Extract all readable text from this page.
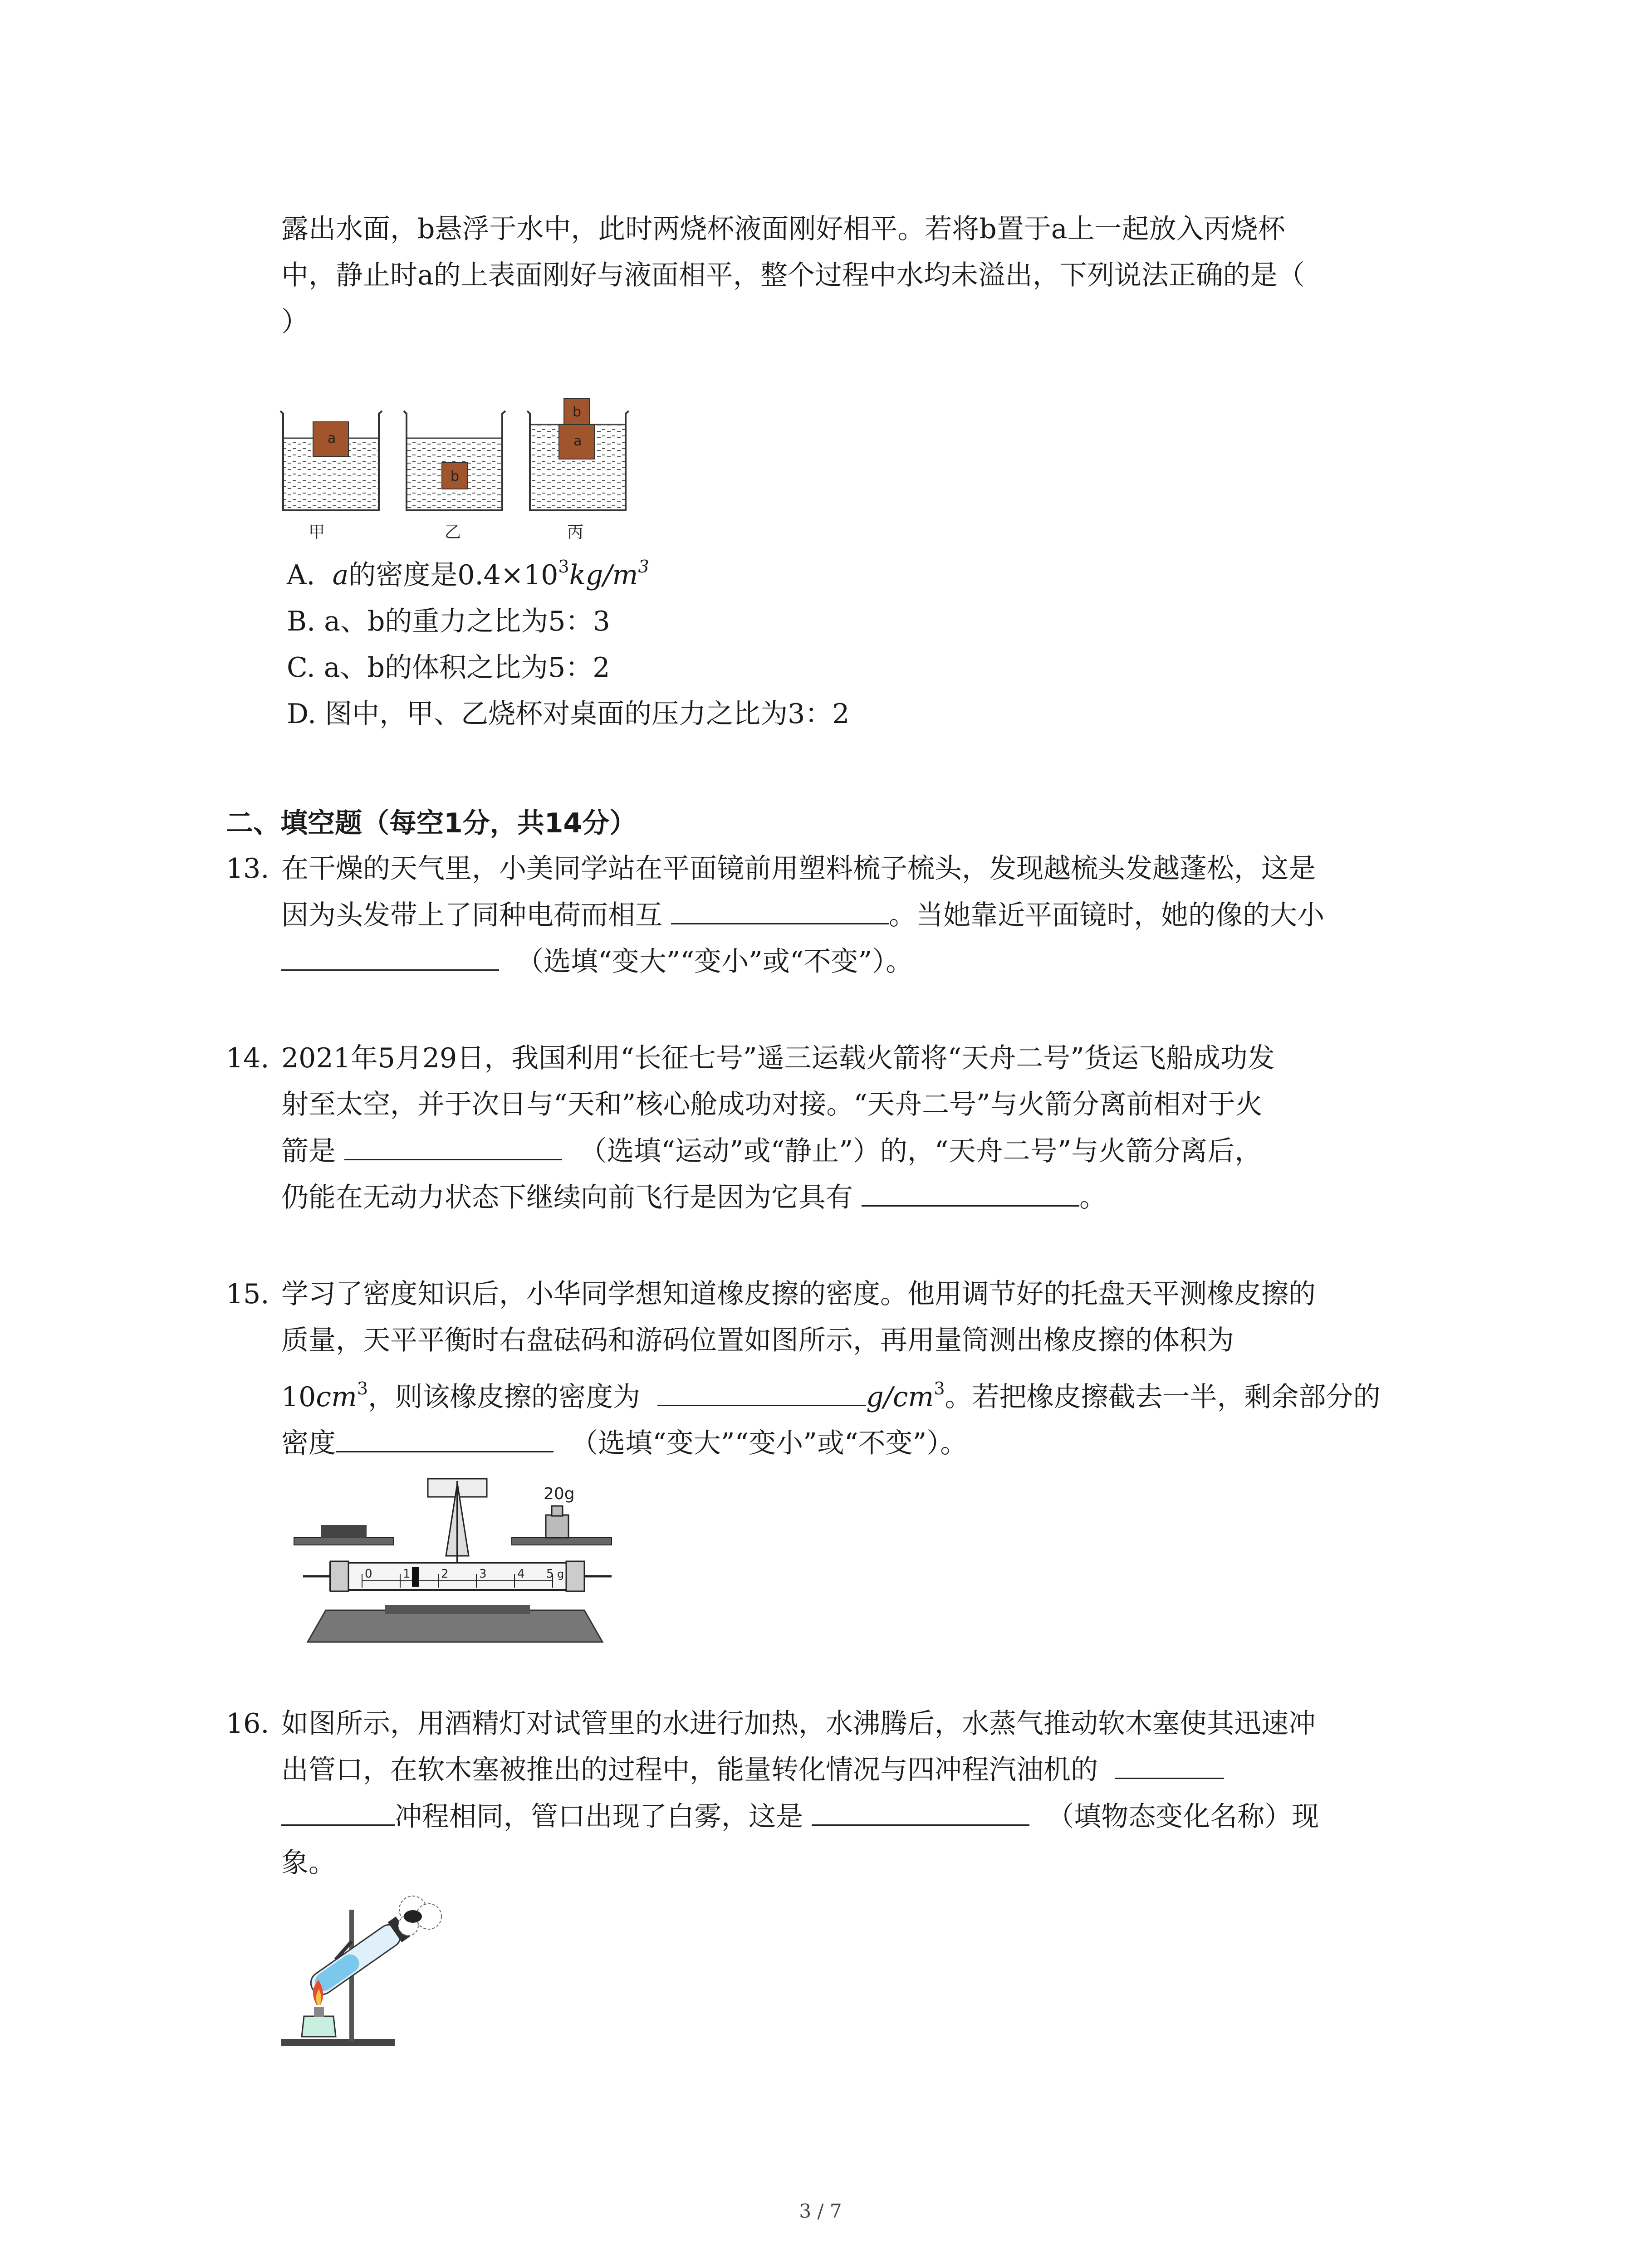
露出水面，b悬浮于水中，此时两烧杯液面刚好相平。若将b置于a上一起放入丙烧杯
中，静止时a的上表面刚好与液面相平，整个过程中水均未溢出，下列说法正确的是（
）
a
甲
b
乙
a
b
丙
A. a的密度是$0.4\times 10^3kg/m^3$
B. a、b的重力之比为5：3
C. a、b的体积之比为5：2
D. 图中，甲、乙烧杯对桌面的压力之比为3：2
二、填空题（每空1分，共14分）
13. 在干燥的天气里，小美同学站在平面镜前用塑料梳子梳头，发现越梳头发越蓬松，这是
因为头发带上了同种电荷而相互	。当她靠近平面镜时，她的像的大小
（选填“变大”“变小”或“不变”）。
14. 2021年5月29日，我国利用“长征七号”遥三运载火箭将“天舟二号”货运飞船成功发
射至太空，并于次日与“天和”核心舱成功对接。“天舟二号”与火箭分离前相对于火
箭是	（选填“运动”或“静止”）的，“天舟二号”与火箭分离后，
仍能在无动力状态下继续向前飞行是因为它具有	。
15. 学习了密度知识后，小华同学想知道橡皮擦的密度。他用调节好的托盘天平测橡皮擦的
质量，天平平衡时右盘砝码和游码位置如图所示，再用量筒测出橡皮擦的体积为
$10cm^3$，则该橡皮擦的密度为	$g/cm^3$。若把橡皮擦截去一半，剩余部分的
密度	（选填“变大”“变小”或“不变”）。
20g
0	1	2	3	4 5 g
16. 如图所示，用酒精灯对试管里的水进行加热，水沸腾后，水蒸气推动软木塞使其迅速冲
出管口，在软木塞被推出的过程中，能量转化情况与四冲程汽油机的
冲程相同，管口出现了白雾，这是	（填物态变化名称）现
象。
3 / 7
